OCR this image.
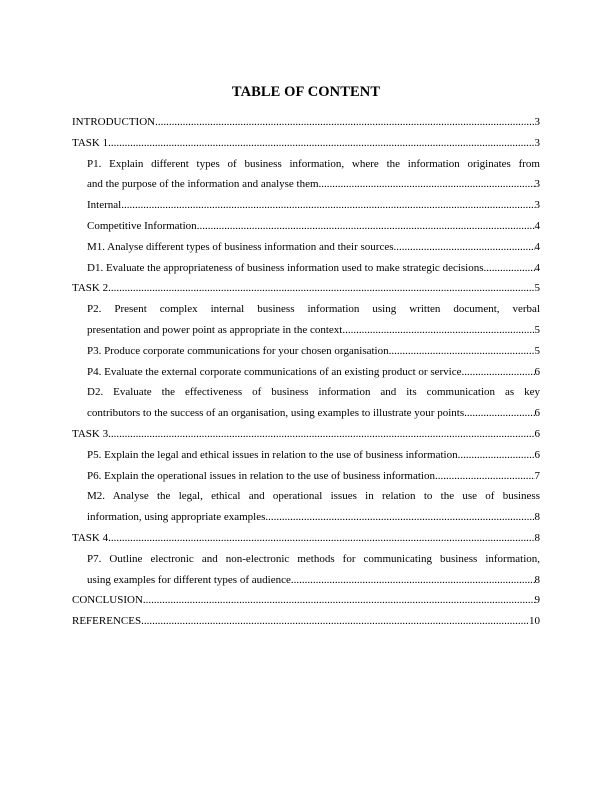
TABLE OF CONTENT
INTRODUCTION .....	3
TASK 1 .....	3
P1. Explain different types of business information, where the information originates from
and the purpose of the information and analyse them .....	3
Internal .....	3
Competitive Information .....	4
M1. Analyse different types of business information and their sources .....	4
D1. Evaluate the appropriateness of business information used to make strategic decisions .....	4
TASK 2 .....	5
P2. Present complex internal business information using written document, verbal
presentation and power point as appropriate in the context .....	5
P3. Produce corporate communications for your chosen organisation .....	5
P4. Evaluate the external corporate communications of an existing product or service .....	6
D2. Evaluate the effectiveness of business information and its communication as key
contributors to the success of an organisation, using examples to illustrate your points .....	6
TASK 3 .....	6
P5. Explain the legal and ethical issues in relation to the use of business information .....	6
P6. Explain the operational issues in relation to the use of business information .....	7
M2. Analyse the legal, ethical and operational issues in relation to the use of business
information, using appropriate examples .....	8
TASK 4 .....	8
P7. Outline electronic and non-electronic methods for communicating business information,
using examples for different types of audience .....	8
CONCLUSION .....	9
REFERENCES .....	10
